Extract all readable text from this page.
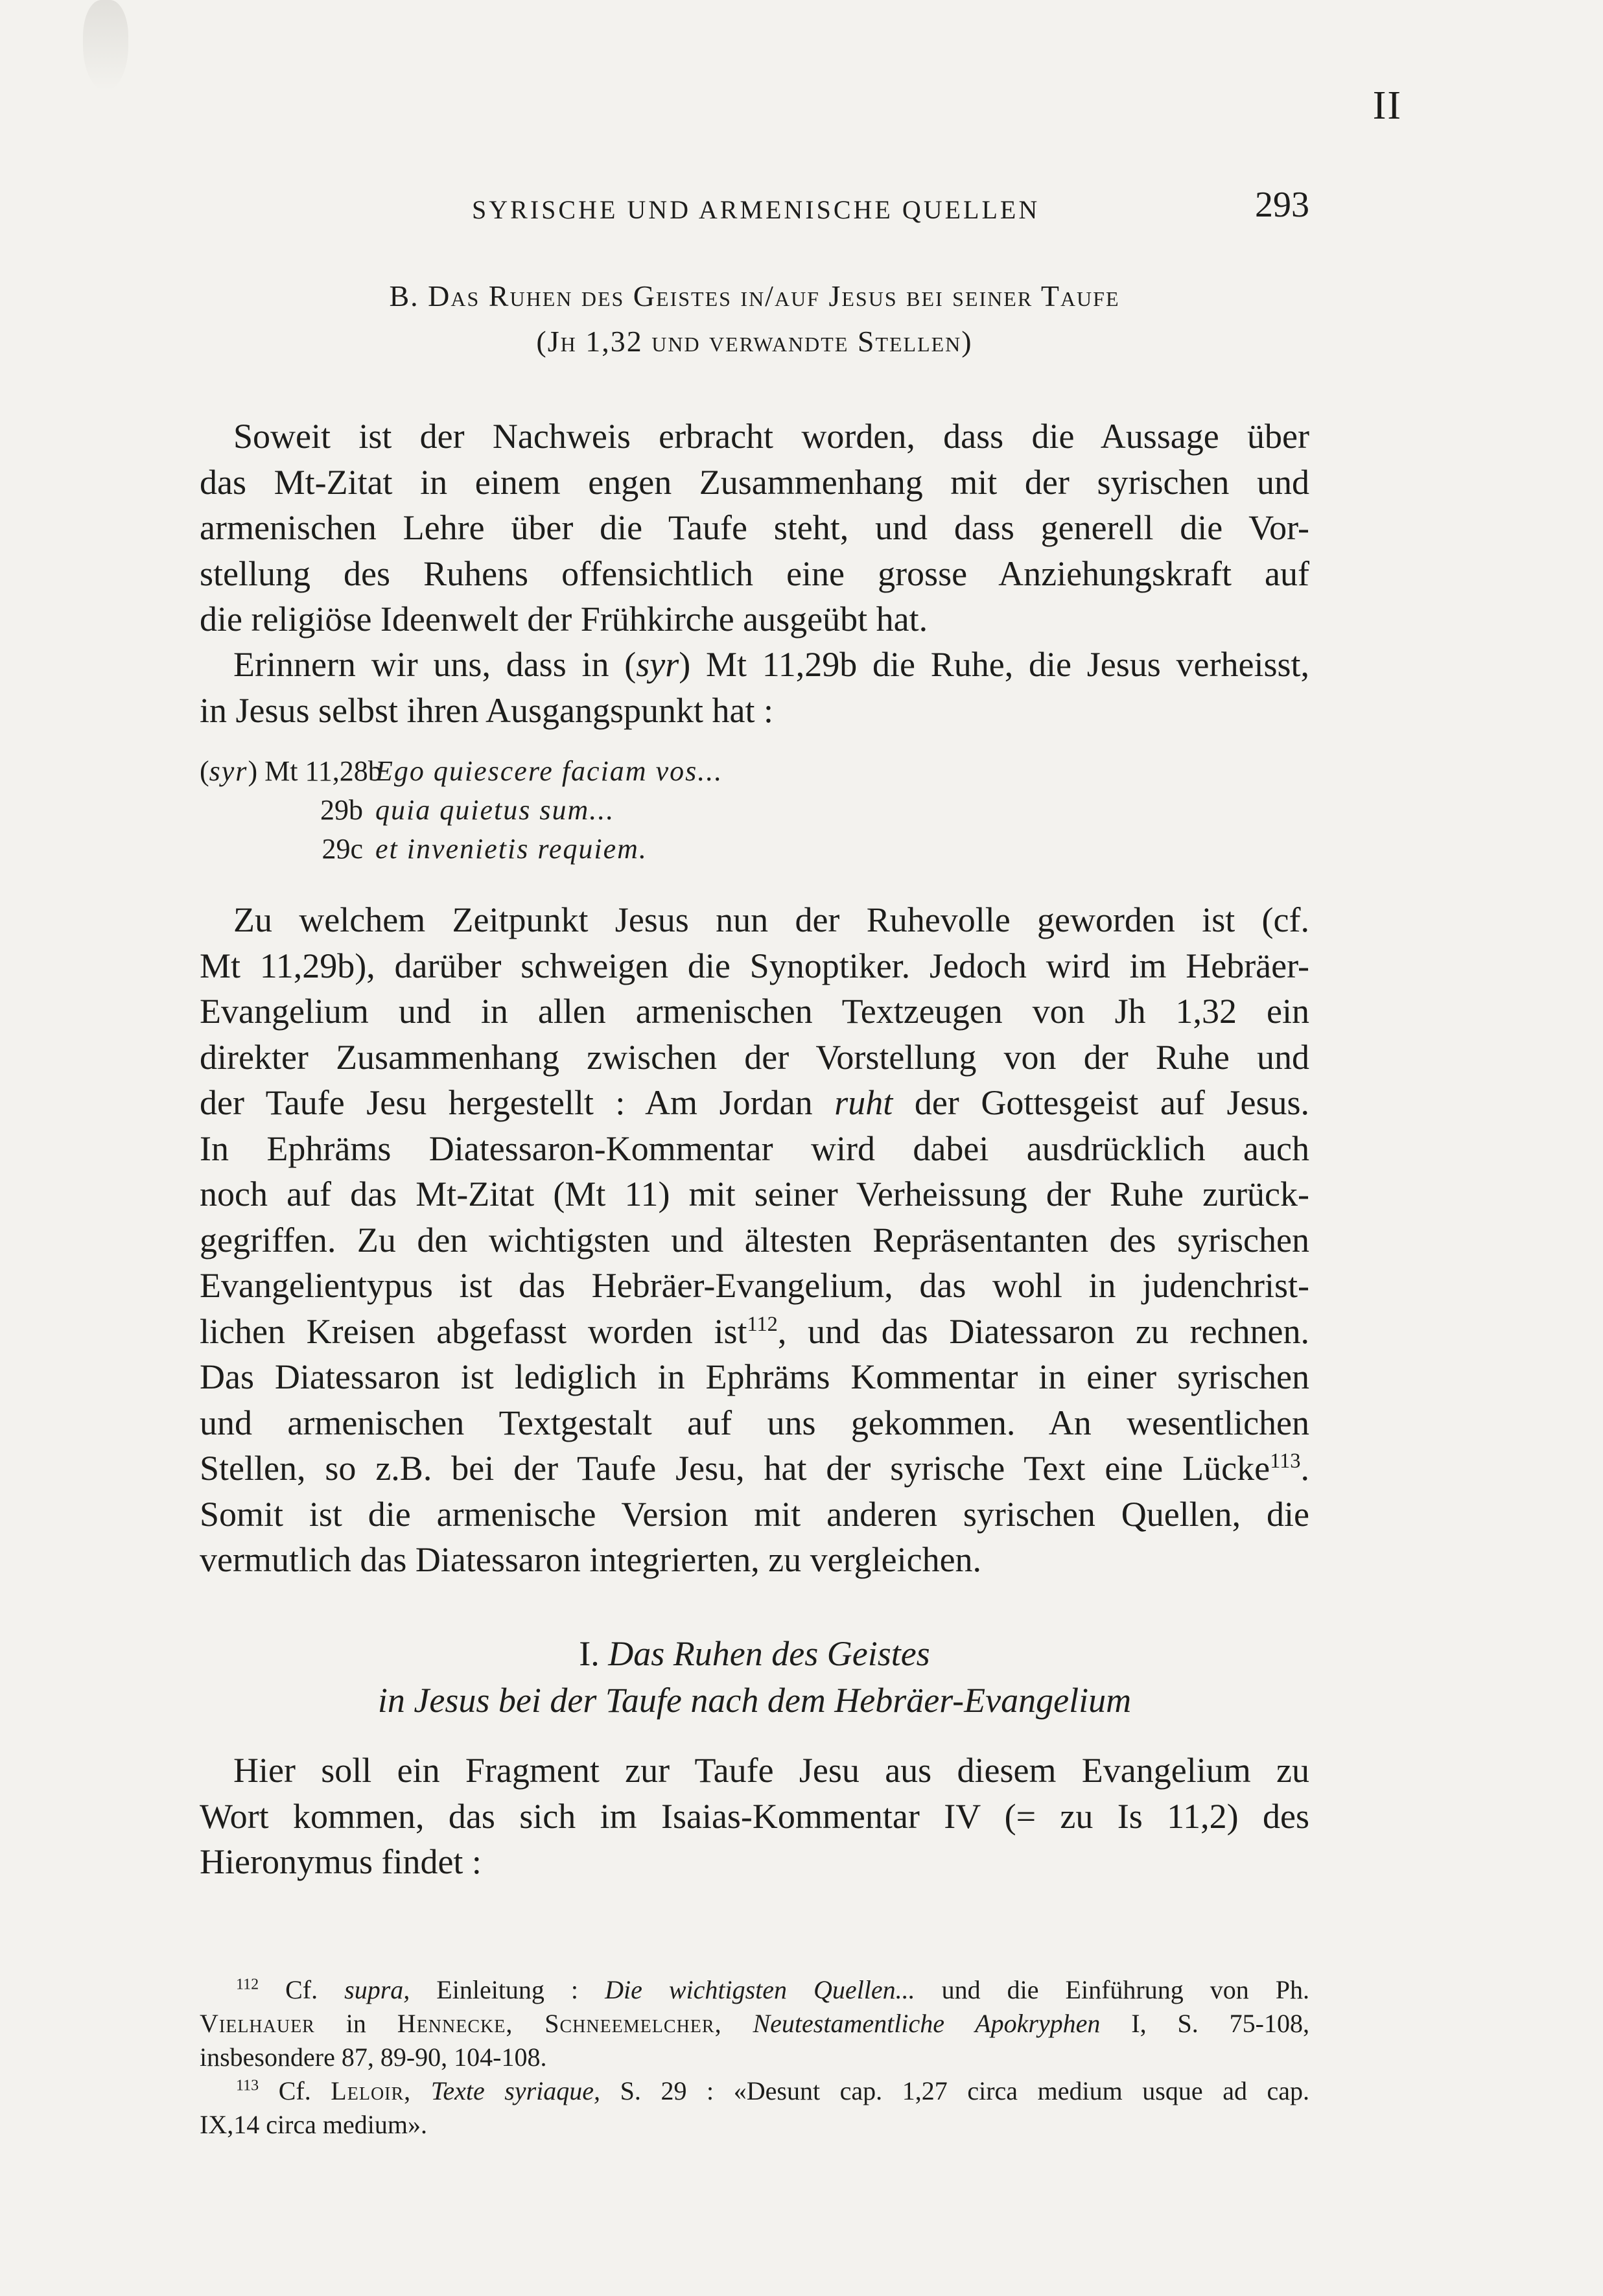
II
SYRISCHE UND ARMENISCHE QUELLEN	293
B. Das Ruhen des Geistes in/auf Jesus bei seiner Taufe
(Jh 1,32 und verwandte Stellen)
Soweit ist der Nachweis erbracht worden, dass die Aussage über
das Mt-Zitat in einem engen Zusammenhang mit der syrischen und
armenischen Lehre über die Taufe steht, und dass generell die Vor-
stellung des Ruhens offensichtlich eine grosse Anziehungskraft auf
die religiöse Ideenwelt der Frühkirche ausgeübt hat.
Erinnern wir uns, dass in (syr) Mt 11,29b die Ruhe, die Jesus verheisst,
in Jesus selbst ihren Ausgangspunkt hat :
(syr) Mt 11,28b Ego quiescere faciam vos...
29b quia quietus sum...
29c et invenietis requiem.
Zu welchem Zeitpunkt Jesus nun der Ruhevolle geworden ist (cf.
Mt 11,29b), darüber schweigen die Synoptiker. Jedoch wird im Hebräer-
Evangelium und in allen armenischen Textzeugen von Jh 1,32 ein
direkter Zusammenhang zwischen der Vorstellung von der Ruhe und
der Taufe Jesu hergestellt : Am Jordan ruht der Gottesgeist auf Jesus.
In Ephräms Diatessaron-Kommentar wird dabei ausdrücklich auch
noch auf das Mt-Zitat (Mt 11) mit seiner Verheissung der Ruhe zurück-
gegriffen. Zu den wichtigsten und ältesten Repräsentanten des syrischen
Evangelientypus ist das Hebräer-Evangelium, das wohl in judenchrist-
lichen Kreisen abgefasst worden ist$^{112}$, und das Diatessaron zu rechnen.
Das Diatessaron ist lediglich in Ephräms Kommentar in einer syrischen
und armenischen Textgestalt auf uns gekommen. An wesentlichen
Stellen, so z.B. bei der Taufe Jesu, hat der syrische Text eine Lücke$^{113}$.
Somit ist die armenische Version mit anderen syrischen Quellen, die
vermutlich das Diatessaron integrierten, zu vergleichen.
I. Das Ruhen des Geistes
in Jesus bei der Taufe nach dem Hebräer-Evangelium
Hier soll ein Fragment zur Taufe Jesu aus diesem Evangelium zu
Wort kommen, das sich im Isaias-Kommentar IV (= zu Is 11,2) des
Hieronymus findet :
$^{112}$ Cf. supra, Einleitung : Die wichtigsten Quellen... und die Einführung von Ph.
Vielhauer in Hennecke, Schneemelcher, Neutestamentliche Apokryphen I, S. 75-108,
insbesondere 87, 89-90, 104-108.
$^{113}$ Cf. Leloir, Texte syriaque, S. 29 : «Desunt cap. 1,27 circa medium usque ad cap.
IX,14 circa medium».
